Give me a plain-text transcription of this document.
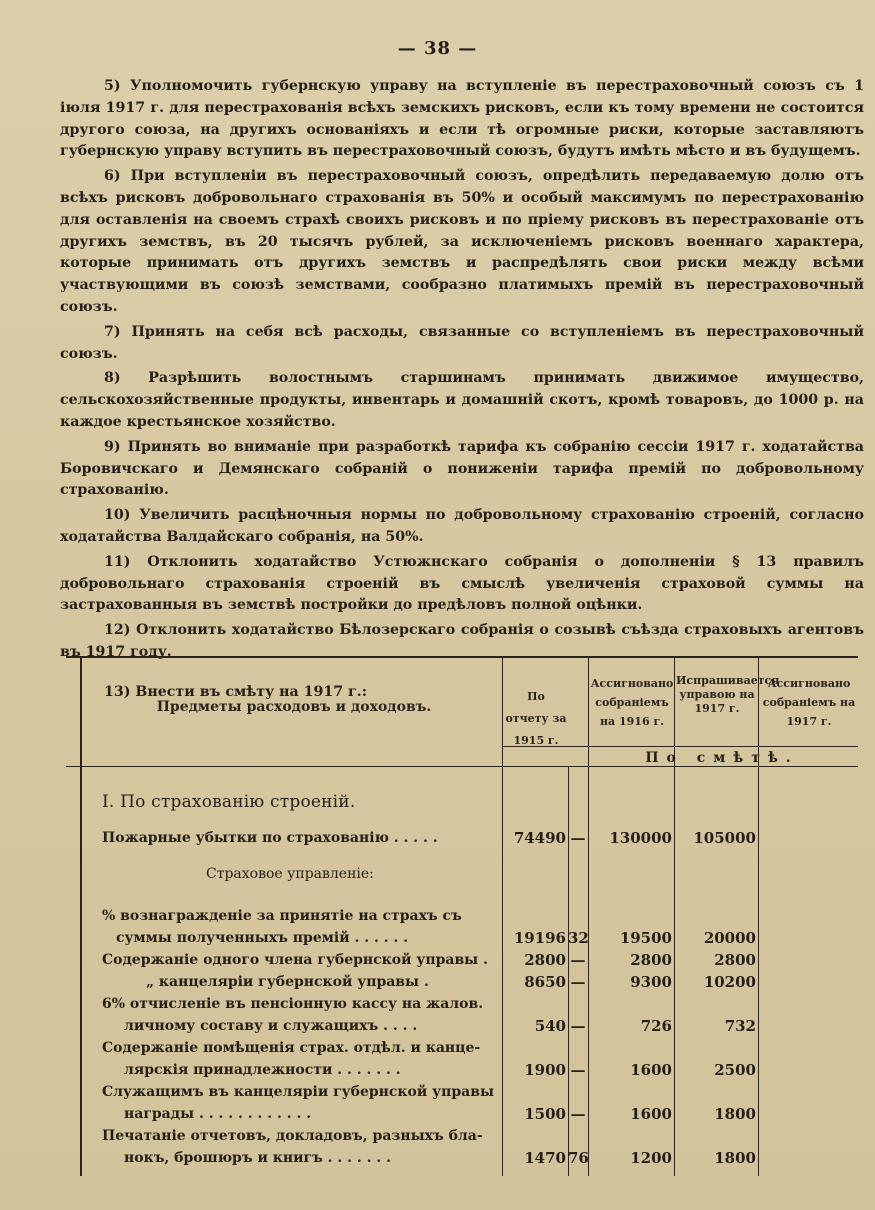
— 38 —

5) Уполномочить губернскую управу на вступленіе въ перестраховочный союзъ съ 1 іюля 1917 г. для перестрахованія всѣхъ земскихъ рисковъ, если къ тому времени не состоится другого союза, на другихъ основаніяхъ и если тѣ огромные риски, которые заставляютъ губернскую управу вступить въ перестраховочный союзъ, будутъ имѣть мѣсто и въ будущемъ.

6) При вступленіи въ перестраховочный союзъ, опредѣлить передаваемую долю отъ всѣхъ рисковъ добровольнаго страхованія въ 50% и особый максимумъ по перестрахованію для оставленія на своемъ страхѣ своихъ рисковъ и по пріему рисковъ въ перестрахованіе отъ другихъ земствъ, въ 20 тысячъ рублей, за исключеніемъ рисковъ военнаго характера, которые принимать отъ другихъ земствъ и распредѣлять свои риски между всѣми участвующими въ союзѣ земствами, сообразно платимыхъ премій въ перестраховочный союзъ.

7) Принять на себя всѣ расходы, связанные со вступленіемъ въ перестраховочный союзъ.

8) Разрѣшить волостнымъ старшинамъ принимать движимое имущество, сельскохозяйственные продукты, инвентарь и домашній скотъ, кромѣ товаровъ, до 1000 р. на каждое крестьянское хозяйство.

9) Принять во вниманіе при разработкѣ тарифа къ собранію сессіи 1917 г. ходатайства Боровичскаго и Демянскаго собраній о пониженіи тарифа премій по добровольному страхованію.

10) Увеличить расцѣночныя нормы по добровольному страхованію строеній, согласно ходатайства Валдайскаго собранія, на 50%.

11) Отклонить ходатайство Устюжнскаго собранія о дополненіи § 13 правилъ добровольнаго страхованія строеній въ смыслѣ увеличенія страховой суммы на застрахованныя въ земствѣ постройки до предѣловъ полной оцѣнки.

12) Отклонить ходатайство Бѣлозерскаго собранія о созывѣ съѣзда страховыхъ агентовъ въ 1917 году.

13) Внести въ смѣту на 1917 г.:

Предметы расходовъ и доходовъ.
По отчету за 1915 г.
Ассигновано собраніемъ на 1916 г.
Испрашивается управою на 1917 г.
Ассигновано собраніемъ на 1917 г.
По смѣтѣ.
I. По страхованію строеній.
Пожарные убытки по страхованію . . . . .	74490 —	130000	105000
Страховое управленіе:
% вознагражденіе за принятіе на страхъ съ
суммы полученныхъ премій . . . . . .	19196 32	19500	20000
Содержаніе одного члена губернской управы .	2800 —	2800	2800
„ канцеляріи губернской управы .	8650 —	9300	10200
6% отчисленіе въ пенсіонную кассу на жалов.
личному составу и служащихъ . . . .	540 —	726	732
Содержаніе помѣщенія страх. отдѣл. и канце-
лярскія принадлежности . . . . . . .	1900 —	1600	2500
Служащимъ въ канцеляріи губернской управы
награды . . . . . . . . . . . .	1500 —	1600	1800
Печатаніе отчетовъ, докладовъ, разныхъ бла-
нокъ, брошюръ и книгъ . . . . . . .	1470 76	1200	1800
